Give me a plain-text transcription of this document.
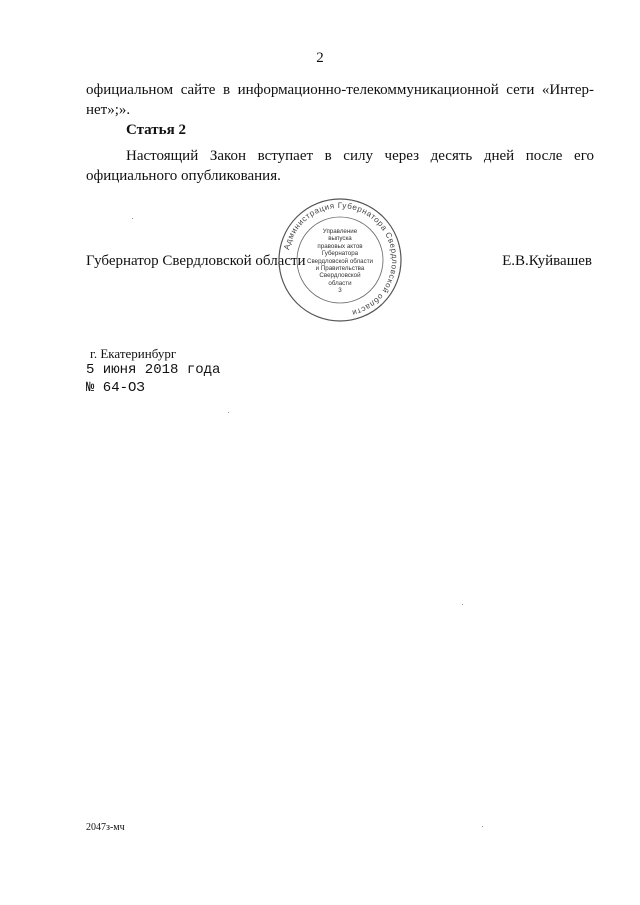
2

официальном сайте в информационно-телекоммуникационной сети «Интер-нет»;».

Статья 2

Настоящий Закон вступает в силу через десять дней после его официального опубликования.

Губернатор Свердловской области	Е.В.Куйвашев
Администрация Губернатора Свердловской области
Управление
выпуска
правовых актов
Губернатора
Свердловской области
и Правительства
Свердловской
области
3
г. Екатеринбург
5 июня 2018 года
№ 64-ОЗ
2047з-мч
